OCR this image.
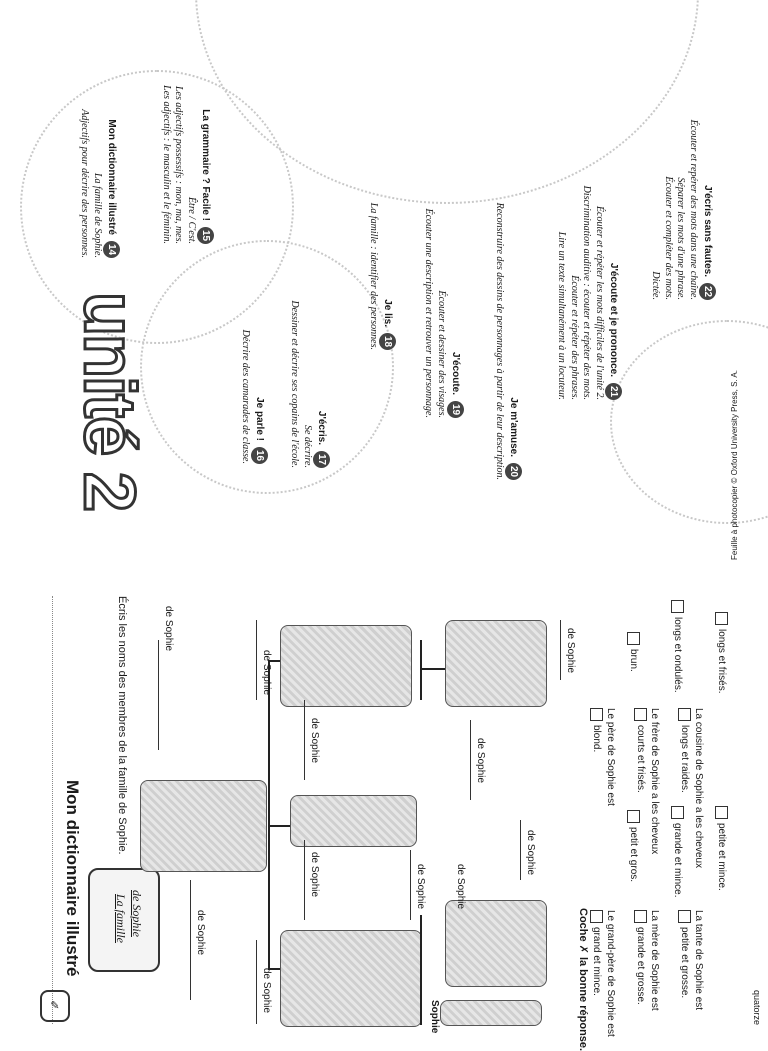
unité 2
Mon dictionnaire illustré14
La famille de Sophie.
Adjectifs pour décrire des personnes.	La grammaire ? Facile !15
Être / C'est.
Les adjectifs possessifs : mon, ma, mes.
Les adjectifs : le masculin et le féminin.
Je parle !16
Décrire des camarades de classe.	J'écris.17
Se décrire.
Dessiner et décrire ses copains de l'école.	Je lis.18
La famille : identifier des personnes.
J'écoute.19
Écouter et dessiner des visages.
Écouter une description et retrouver un personnage.
Je m'amuse.20
Reconstruire des dessins de personnages à partir de leur description.	J'écoute et je prononce.21
Écouter et répéter les mots difficiles de l'unité 2.
Discrimination auditive : écouter et répéter des mots.
Écouter et répéter des phrases.
Lire un texte simultanément à un locuteur.
J'écris sans fautes.22
Écouter et repérer des mots dans une chaîne.
Séparer les mots d'une phrase.
Écouter et compléter des mots.
Dictée.
Feuille à photocopier © Oxford University Press, S. A.
Mon dictionnaire illustré
✎
La famille de Sophie
Écris les noms des membres de la famille de Sophie.
de Sophie
de Sophie
de Sophie
de Sophie
de Sophie
de Sophie
de Sophie	de Sophie
de Sophie
de Sophie
de Sophie
Sophie	Coche ✗ la bonne réponse. Le grand-père de Sophie est
grand et mince.
petit et gros.
La mère de Sophie est
grande et grosse.
grande et mince.
La tante de Sophie est
petite et grosse.
petite et mince.
Le père de Sophie est
blond.
brun.
Le frère de Sophie a les cheveux
courts et frisés.
longs et ondulés.
La cousine de Sophie a les cheveux
longs et raides.
longs et frisés.
quatorze
